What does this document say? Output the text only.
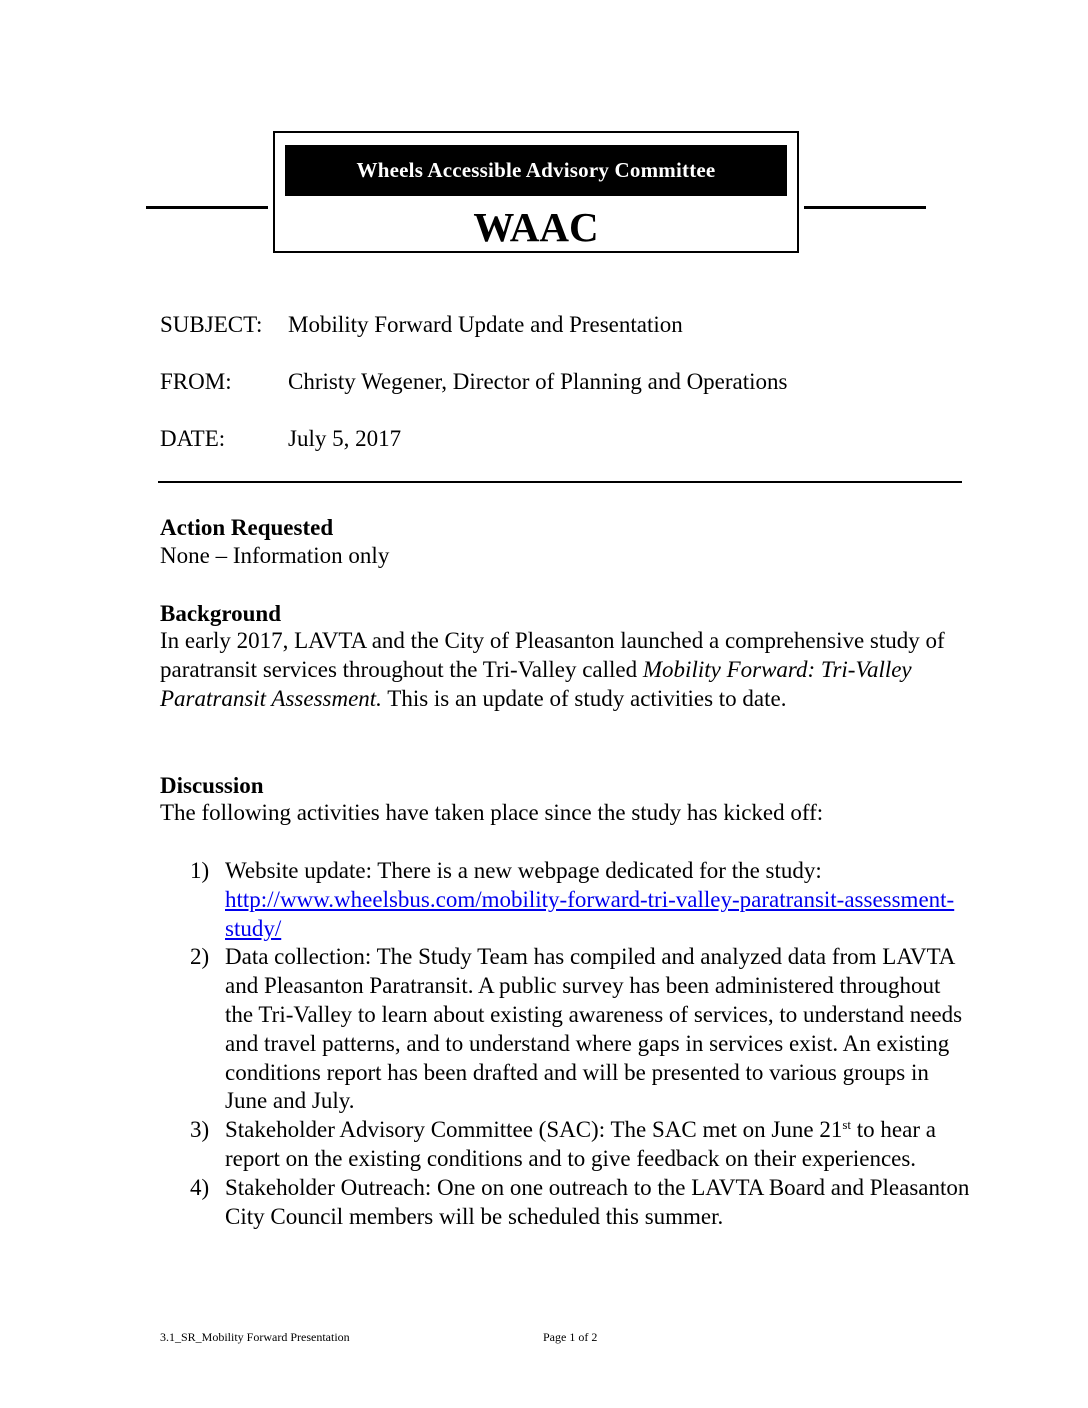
Wheels Accessible Advisory Committee
WAAC
SUBJECT: Mobility Forward Update and Presentation
FROM: Christy Wegener, Director of Planning and Operations
DATE:	July 5, 2017
Action Requested
None – Information only
Background
In early 2017, LAVTA and the City of Pleasanton launched a comprehensive study of paratransit services throughout the Tri-Valley called Mobility Forward: Tri-Valley Paratransit Assessment. This is an update of study activities to date.
Discussion
The following activities have taken place since the study has kicked off:
1) Website update: There is a new webpage dedicated for the study:
http://www.wheelsbus.com/mobility-forward-tri-valley-paratransit-assessment-study/
2) Data collection: The Study Team has compiled and analyzed data from LAVTA and Pleasanton Paratransit. A public survey has been administered throughout the Tri-Valley to learn about existing awareness of services, to understand needs and travel patterns, and to understand where gaps in services exist. An existing conditions report has been drafted and will be presented to various groups in June and July.
3) Stakeholder Advisory Committee (SAC): The SAC met on June 21st to hear a report on the existing conditions and to give feedback on their experiences.
4) Stakeholder Outreach: One on one outreach to the LAVTA Board and Pleasanton City Council members will be scheduled this summer.
3.1_SR_Mobility Forward Presentation	Page 1 of 2
